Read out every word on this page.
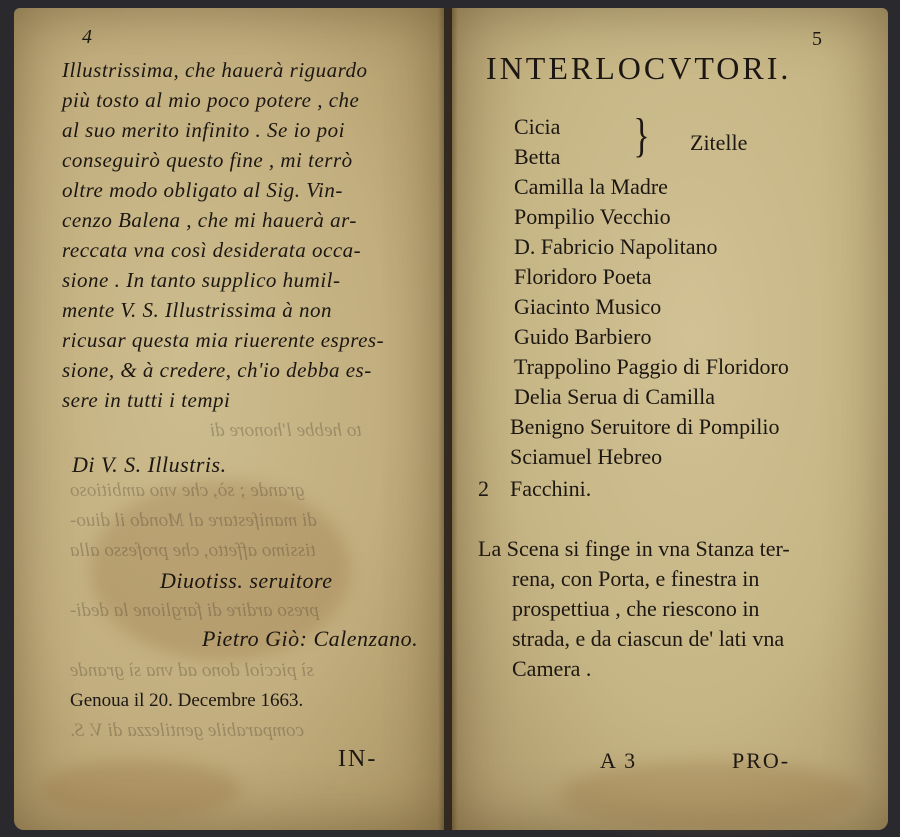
to hebbe l'honore di
grande ; sò, che vno ambitioso
di manifestare al Mondo il diuo-
tissimo affetto, che professo alla
preso ardire di farglione la dedi-
sì picciol dono ad vna sì grande
comparabile gentilezza di V. S.
4
Illustrissima, che hauerà riguardo
più tosto al mio poco potere , che
al suo merito infinito . Se io poi
conseguirò questo fine , mi terrò
oltre modo obligato al Sig. Vin-
cenzo Balena , che mi hauerà ar-
reccata vna così desiderata occa-
sione . In tanto supplico humil-
mente V. S. Illustrissima à non
ricusar questa mia riuerente espres-
sione, & à credere, ch'io debba es-
sere in tutti i tempi
Di V. S. Illustris.
Diuotiss. seruitore
Pietro Giò: Calenzano.
Genoua il 20. Decembre 1663.
IN-
5
INTERLOCVTORI.
Cicia
Betta } Zitelle
Camilla la Madre
Pompilio Vecchio
D. Fabricio Napolitano
Floridoro Poeta
Giacinto Musico
Guido Barbiero
Trappolino Paggio di Floridoro
Delia Serua di Camilla
Benigno Seruitore di Pompilio
Sciamuel Hebreo
2 Facchini.
La Scena si finge in vna Stanza ter-
rena, con Porta, e finestra in
prospettiua , che riescono in
strada, e da ciascun de' lati vna
Camera .
A 3	PRO-
